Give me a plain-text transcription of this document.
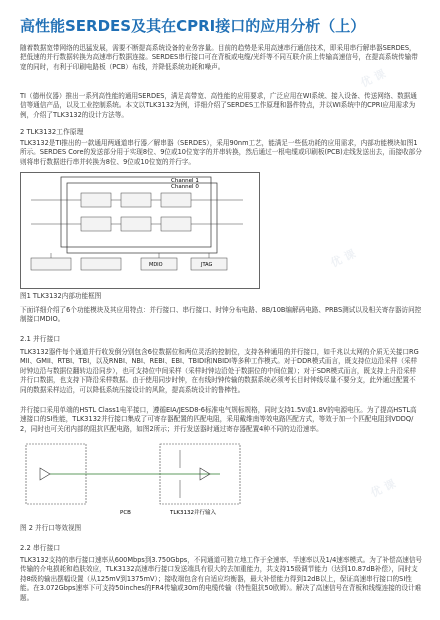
高性能SERDES及其在CPRI接口的应用分析（上）
随着数据宽带网络的迅猛发展，需要不断提高系统设备的业务容量。目前的趋势是采用高速串行通信技术，即采用串行解串器SERDES，把低速的并行数据转换为高速串行数据连接。SERDES串行接口可在背板或电缆/光纤等不同互联介质上传输高速信号，在提高系统传输带宽的同时，有利于印刷电路板（PCB）布线，并降低系统功耗和噪声。
TI（德州仪器）推出一系列高性能的通用SERDES，满足高带宽、高性能的应用要求，广泛应用在WI系统、接入设备、传送网络、数据通信等通信产品，以及工业控制系统。本文以TLK3132为例，详细介绍了SERDES工作原理和器件特点，并以WI系统中的CPRI应用需求为例，介绍了TLK3132的设计方法等。
2 TLK3132工作原理
TLK3132是TI推出的一款通用两通道串行器／解串器（SERDES），采用90nm工艺，能满足一些低功耗的应用需求，内部功能模块如图1所示。SERDES Core的发送部分用于实现8位、9位或10位宽字的并串转换，然后通过一根电缆或印刷板(PCB)走线发送出去，而接收部分则将串行数据进行串并转换为8位、9位或10位宽的并行字。
Channel 1
Channel 0
MDIO	JTAG
图1 TLK3132内部功能框图
下面详细介绍了6个功能模块及其应用特点：并行接口、串行接口、时钟分布电路、8B/10B编解码电路、PRBS测试以及相关寄存器访问控制接口MDIO。
2.1 并行接口
TLK3132器件每个通道并行收发倒分别包含6位数据位和两位灵活的控制位，支持各种通用的并行接口，如千兆以太网的介质无关接口RGMII、GMII、RTBI、TBI，以及RNBI、NBI、REBI、EBI、TBIDI和NBIDI等多种工作模式。对于DDR模式而言，既支持位边沿采样（采样时钟边沿与数据位翻转边沿同步），也可支持位中间采样（采样时钟边沿处于数据位的中间位置）；对于SDR模式而言，既支持上升沿采样并行口数据，也支持下降沿采样数据。由于使用同步时钟，在有线时钟传输的数据系统必须考长目时钟线尽量不要分支，此外通过配置不同的数据采样边沿，可以降低系统压接设计的风险，提高系统设计的鲁棒性。
并行接口采用单端的HSTL Class1电平接口，遵循EIA/JESD8-6标准电气规标规格，同时支持1.5V或1.8V的电源电压。为了提高HSTL高速接口的SI性能，TLK3132并行接口集成了可寄存器配置的匹配电阻，采用戴维南等效电路匹配方式，等效于加一个匹配电阻到VDDQ/2，同时也可关闭内部的阻抗匹配电路，如图2所示；并行发送器时通过寄存器配置4种不同的边沿速率。
TLK3132并行输入
PCB
图 2 并行口等效视图
2.2 串行接口
TLK3132支持的串行接口速率从600Mbps到3.750Gbps，不同通道可独立地工作于全速率、半速率以及1/4速率模式。为了补偿高速信号传输的介电损耗和趋肤效应，TLK3132高速串行接口发送端具有很大的去加重能力，共支持15级调节能力（达到10.87dB补偿），同时支持8级的输出摆幅设置（从125mV到1375mV）；接收端包含有自适应均衡器，最大补偿能力得到12dB以上，保证高速串行接口的SI性能。在3.072Gbps速率下可支持50inches的FR4传输或30m的电缆传输（特性阻抗50欧姆）。解决了高速信号在背板和线缆连接的设计难题。
优 课
优 课
优 课
